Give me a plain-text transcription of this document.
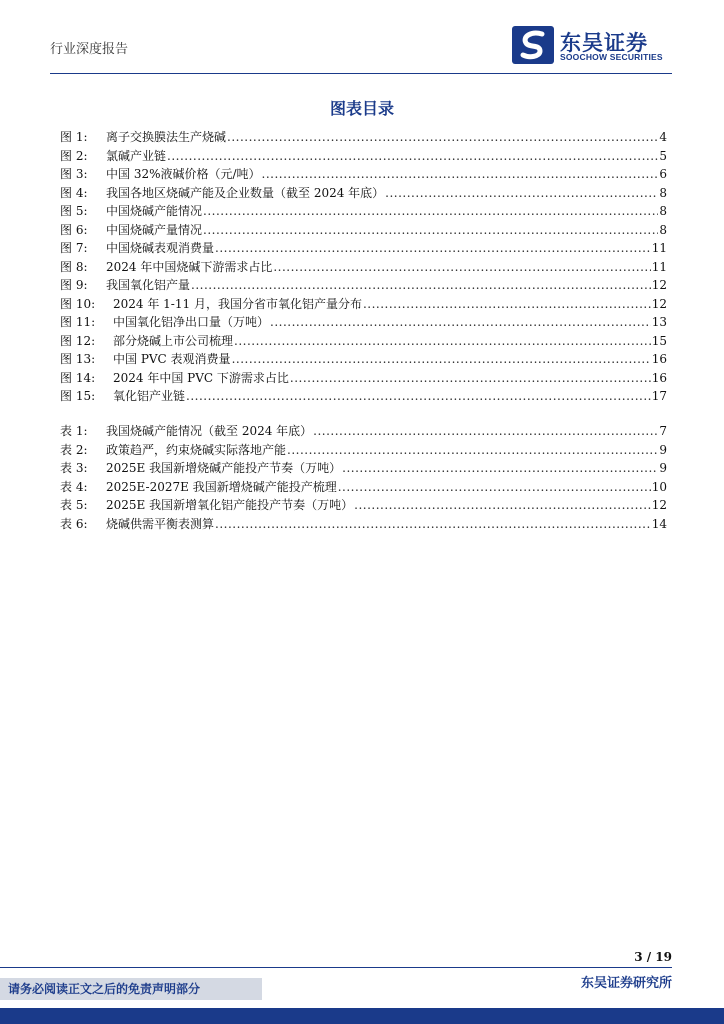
行业深度报告	东吴证券
SOOCHOW SECURITIES
图表目录
图 1:	离子交换膜法生产烧碱 .....	4
图 2:	氯碱产业链 .....	5
图 3:	中国 32%液碱价格（元/吨） .....	6
图 4:	我国各地区烧碱产能及企业数量（截至 2024 年底） .....	8
图 5:	中国烧碱产能情况 .....	8
图 6:	中国烧碱产量情况 .....	8
图 7:	中国烧碱表观消费量 .....	11
图 8:	2024 年中国烧碱下游需求占比 .....	11
图 9:	我国氧化铝产量 .....	12
图 10:	2024 年 1-11 月，我国分省市氧化铝产量分布 .....	12
图 11:	中国氧化铝净出口量（万吨） .....	13
图 12:	部分烧碱上市公司梳理 .....	15
图 13:	中国 PVC 表观消费量 .....	16
图 14:	2024 年中国 PVC 下游需求占比 .....	16
图 15:	氧化铝产业链 .....	17
表 1:	我国烧碱产能情况（截至 2024 年底） .....	7
表 2:	政策趋严，约束烧碱实际落地产能 .....	9
表 3:	2025E 我国新增烧碱产能投产节奏（万吨） .....	9
表 4:	2025E-2027E 我国新增烧碱产能投产梳理 .....	10
表 5:	2025E 我国新增氧化铝产能投产节奏（万吨） .....	12
表 6:	烧碱供需平衡表测算 .....	14
3 / 19
东吴证券研究所
请务必阅读正文之后的免责声明部分
